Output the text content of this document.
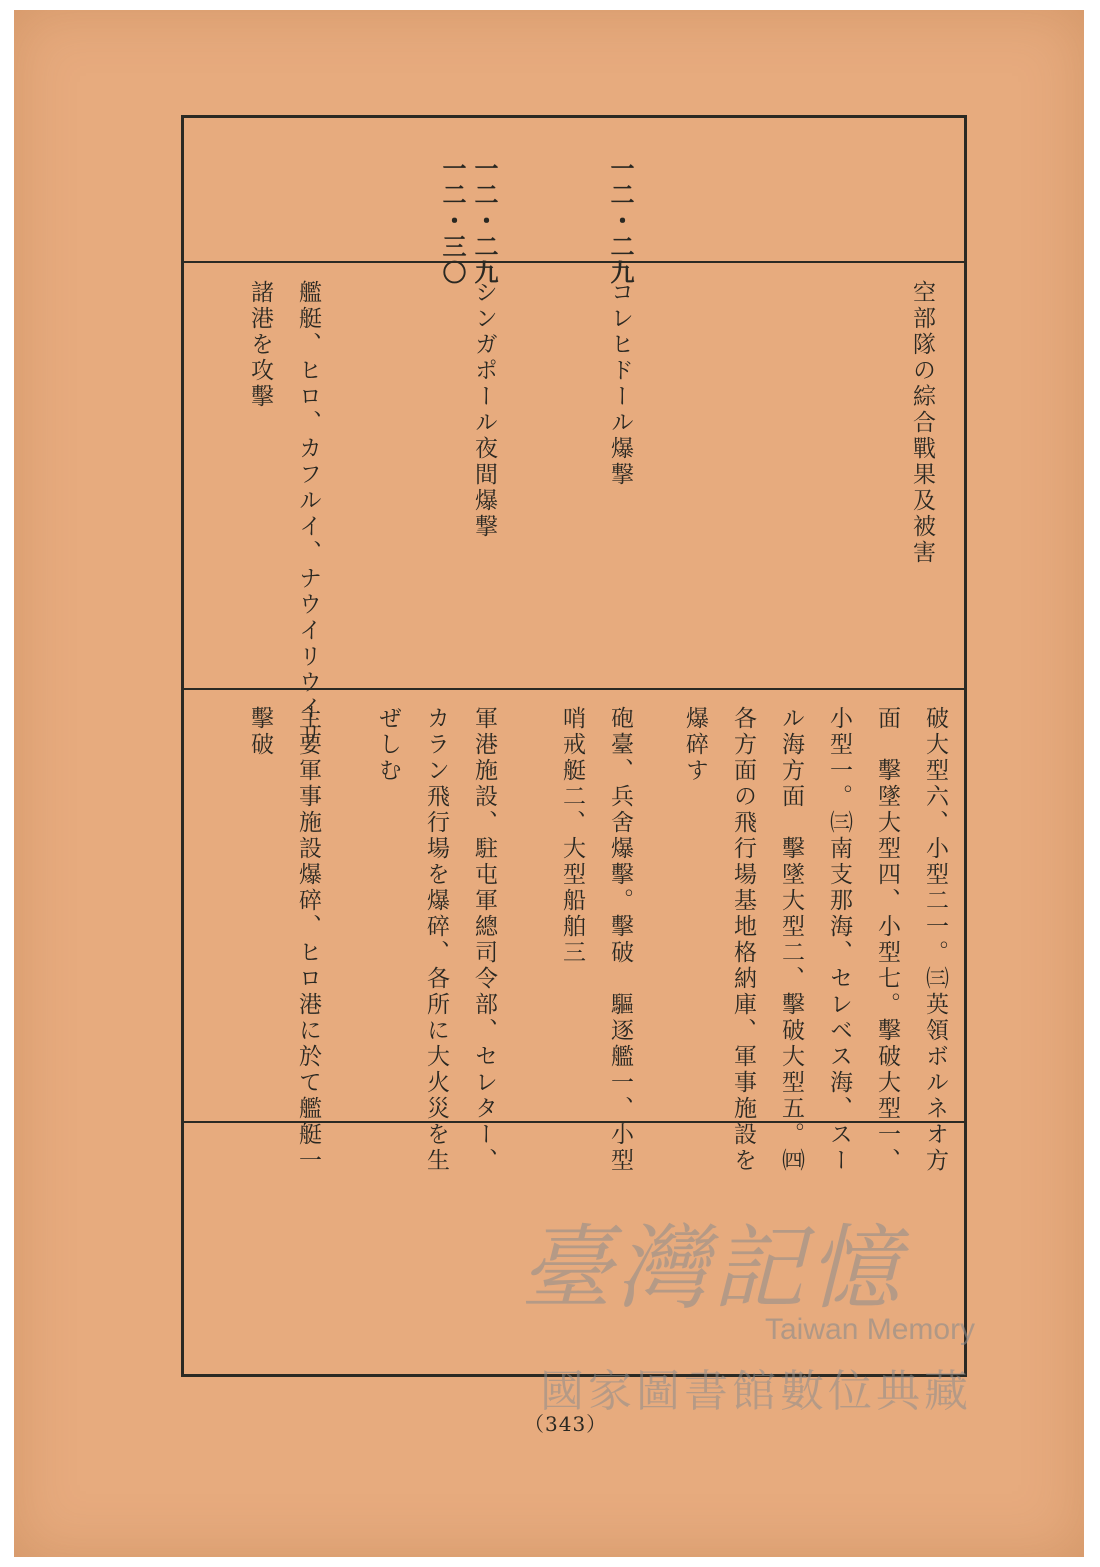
空部隊の綜合戰果及被害
一二・二九
一二・二九
一二・三〇
コレヒドール爆撃
シンガポール夜間爆撃
艦艇、ヒロ、カフルイ、ナウイリウイリ
諸港を攻擊
破大型六、小型二一。㈢英領ボルネオ方
面　擊墜大型四、小型七。擊破大型一、
小型一。㈢南支那海、セレベス海、スー
ル海方面　擊墜大型二、擊破大型五。㈣
各方面の飛行場基地格納庫、軍事施設を
爆碎す
砲臺、兵舍爆擊。擊破　驅逐艦一、小型
哨戒艇二、大型船舶三
軍港施設、駐屯軍總司令部、セレター、
カラン飛行場を爆碎、各所に大火災を生
ぜしむ
主要軍事施設爆碎、ヒロ港に於て艦艇一
擊破
臺灣記憶
Taiwan Memory
國家圖書館數位典藏
（343）
